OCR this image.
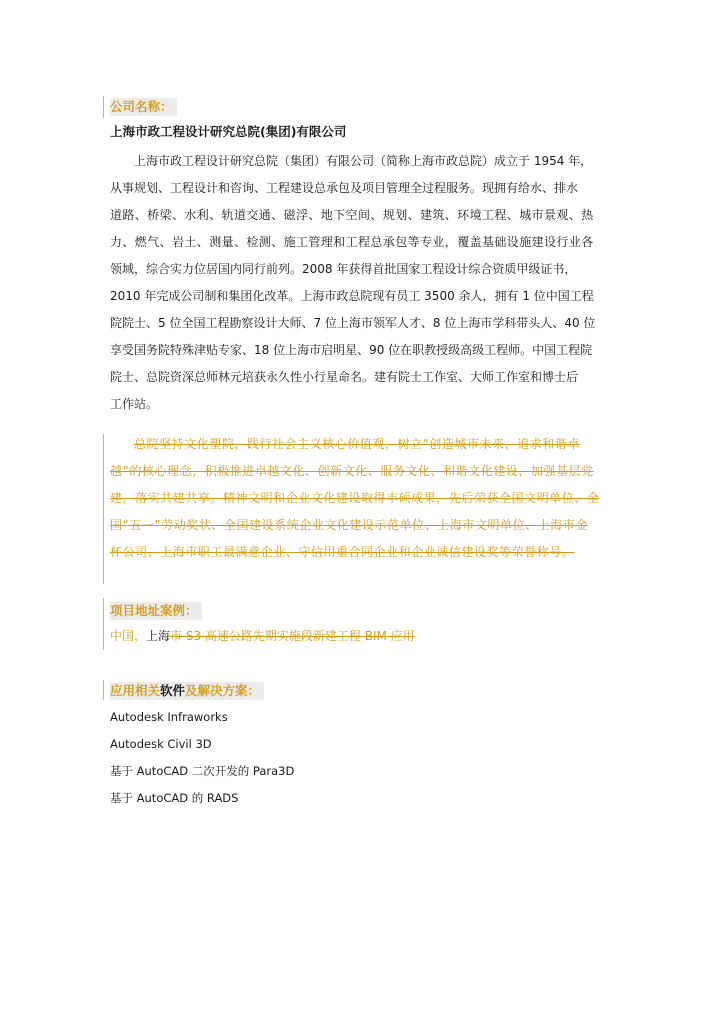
公司名称：
上海市政工程设计研究总院(集团)有限公司
上海市政工程设计研究总院（集团）有限公司（简称上海市政总院）成立于 1954 年，
从事规划、工程设计和咨询、工程建设总承包及项目管理全过程服务。现拥有给水、排水
道路、桥梁、水利、轨道交通、磁浮、地下空间、规划、建筑、环境工程、城市景观、热
力、燃气、岩土、测量、检测、施工管理和工程总承包等专业，覆盖基础设施建设行业各
领域，综合实力位居国内同行前列。2008 年获得首批国家工程设计综合资质甲级证书，
2010 年完成公司制和集团化改革。上海市政总院现有员工 3500 余人，拥有 1 位中国工程
院院士、5 位全国工程勘察设计大师、7 位上海市领军人才、8 位上海市学科带头人、40 位
享受国务院特殊津贴专家、18 位上海市启明星、90 位在职教授级高级工程师。中国工程院
院士、总院资深总师林元培获永久性小行星命名。建有院士工作室、大师工作室和博士后
工作站。
总院坚持文化塑院，践行社会主义核心价值观，树立“创造城市未来，追求和谐卓
越”的核心理念，积极推进卓越文化、创新文化、服务文化、和谐文化建设，加强基层党
建，落实共建共享。精神文明和企业文化建设取得丰硕成果，先后荣获全国文明单位、全
国“五一”劳动奖状、全国建设系统企业文化建设示范单位、上海市文明单位、上海市金
杯公司、上海市职工最满意企业、守信用重合同企业和企业诚信建设奖等荣誉称号。
项目地址案例：
中国，上海市 S3 高速公路先期实施段新建工程 BIM 应用
应用相关软件及解决方案：
Autodesk Infraworks
Autodesk Civil 3D
基于 AutoCAD 二次开发的 Para3D
基于 AutoCAD 的 RADS
